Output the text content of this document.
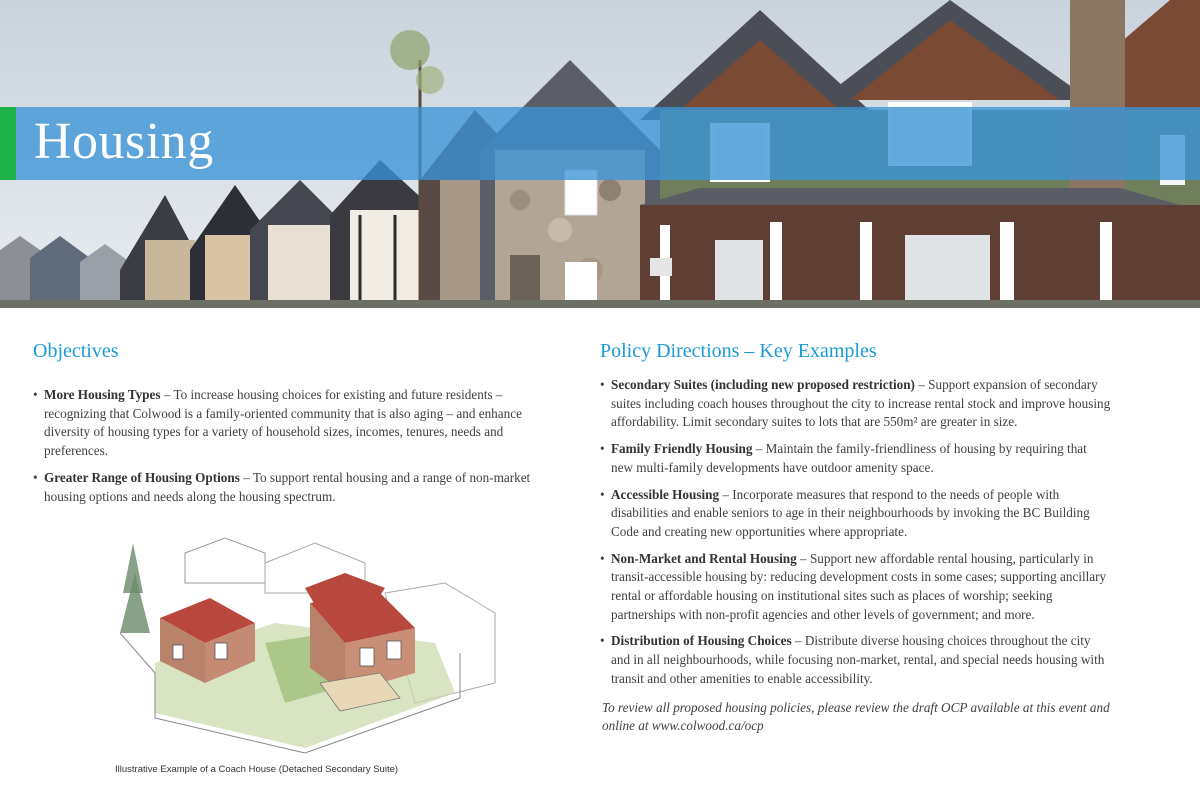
Housing
Objectives
• More Housing Types – To increase housing choices for existing and future residents – recognizing that Colwood is a family-oriented community that is also aging – and enhance diversity of housing types for a variety of household sizes, incomes, tenures, needs and preferences.
• Greater Range of Housing Options – To support rental housing and a range of non-market housing options and needs along the housing spectrum.

Illustrative Example of a Coach House (Detached Secondary Suite)

Policy Directions – Key Examples
• Secondary Suites (including new proposed restriction) – Support expansion of secondary suites including coach houses throughout the city to increase rental stock and improve housing affordability. Limit secondary suites to lots that are 550m² are greater in size.
• Family Friendly Housing – Maintain the family-friendliness of housing by requiring that new multi-family developments have outdoor amenity space.
• Accessible Housing – Incorporate measures that respond to the needs of people with disabilities and enable seniors to age in their neighbourhoods by invoking the BC Building Code and creating new opportunities where appropriate.
• Non-Market and Rental Housing – Support new affordable rental housing, particularly in transit-accessible housing by: reducing development costs in some cases; supporting ancillary rental or affordable housing on institutional sites such as places of worship; seeking partnerships with non-profit agencies and other levels of government; and more.
• Distribution of Housing Choices – Distribute diverse housing choices throughout the city and in all neighbourhoods, while focusing non-market, rental, and special needs housing with transit and other amenities to enable accessibility.

To review all proposed housing policies, please review the draft OCP available at this event and online at www.colwood.ca/ocp
